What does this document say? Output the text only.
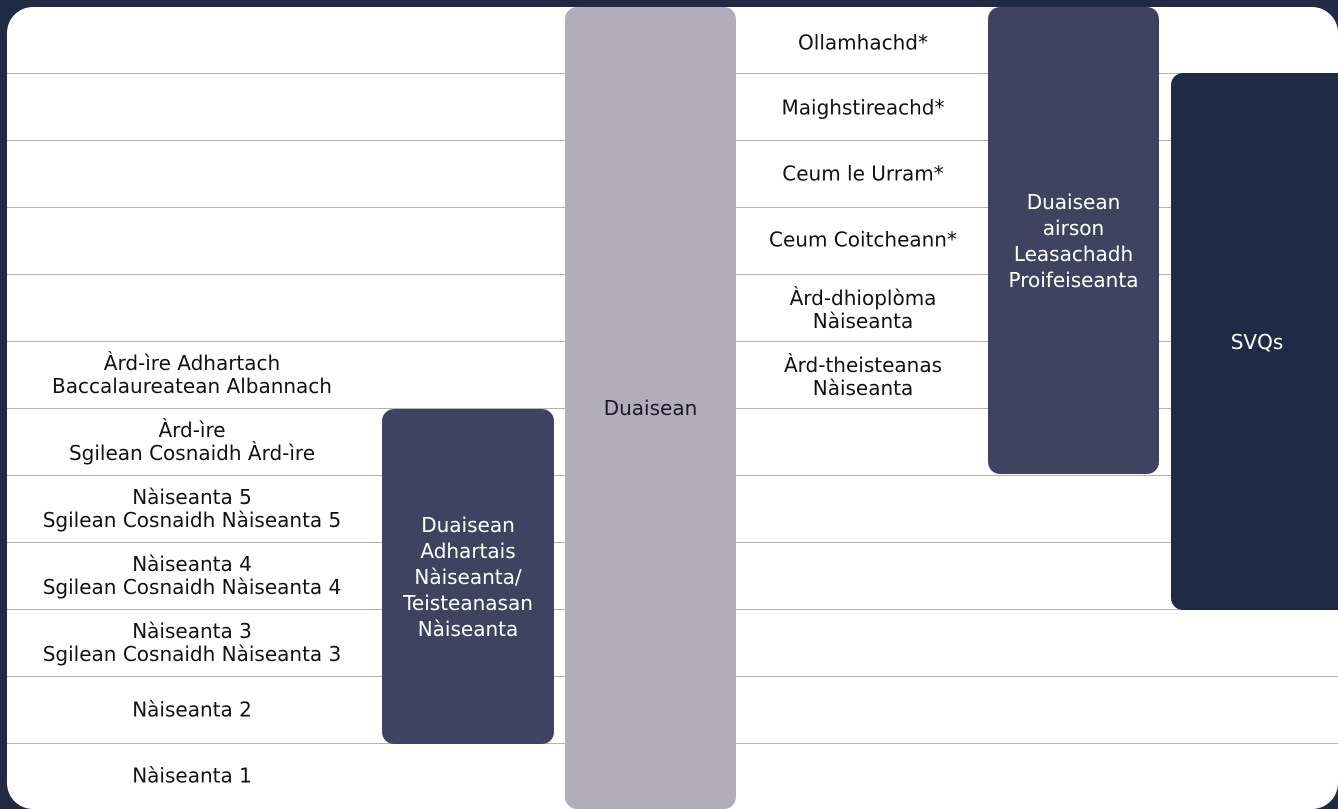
Àrd-ìre Adhartach
Baccalaureatean Albannach
Àrd-ìre
Sgilean Cosnaidh Àrd-ìre
Nàiseanta 5
Sgilean Cosnaidh Nàiseanta 5
Nàiseanta 4
Sgilean Cosnaidh Nàiseanta 4
Nàiseanta 3
Sgilean Cosnaidh Nàiseanta 3
Nàiseanta 2
Nàiseanta 1
Ollamhachd*
Maighstireachd*
Ceum le Urram*
Ceum Coitcheann*
Àrd-dhioplòma
Nàiseanta
Àrd-theisteanas
Nàiseanta
Duaisean
Adhartais
Nàiseanta/
Teisteanasan
Nàiseanta
Duaisean
Duaisean
airson
Leasachadh
Proifeiseanta
SVQs
